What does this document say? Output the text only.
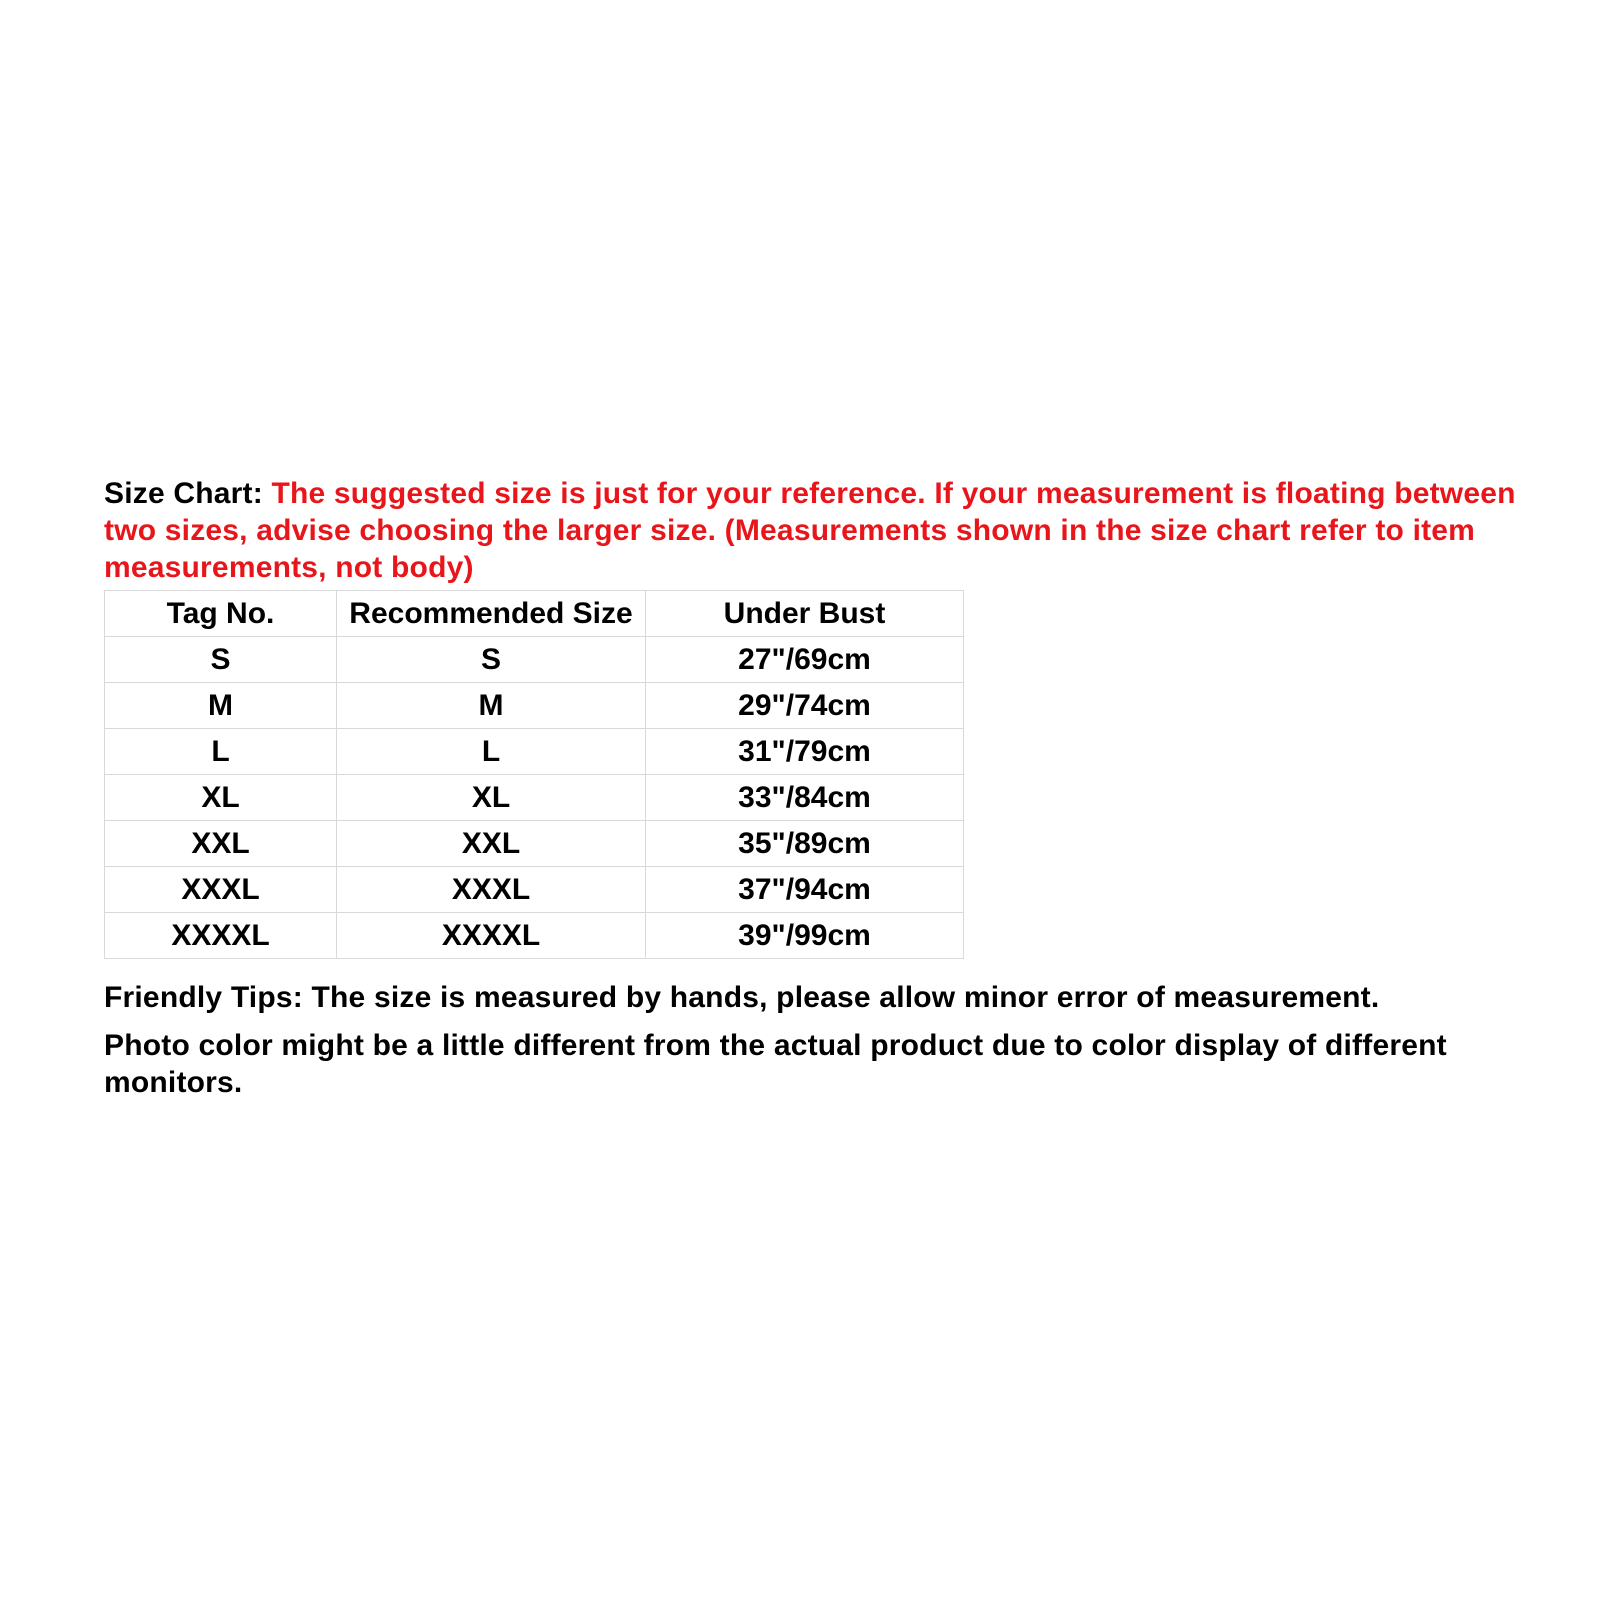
Size Chart: The suggested size is just for your reference. If your measurement is floating between two sizes, advise choosing the larger size. (Measurements shown in the size chart refer to item measurements, not body)

Tag No.	Recommended Size	Under Bust
S	S	27"/69cm
M	M	29"/74cm
L	L	31"/79cm
XL	XL	33"/84cm
XXL	XXL	35"/89cm
XXXL	XXXL	37"/94cm
XXXXL	XXXXL	39"/99cm

Friendly Tips: The size is measured by hands, please allow minor error of measurement.

Photo color might be a little different from the actual product due to color display of different monitors.
